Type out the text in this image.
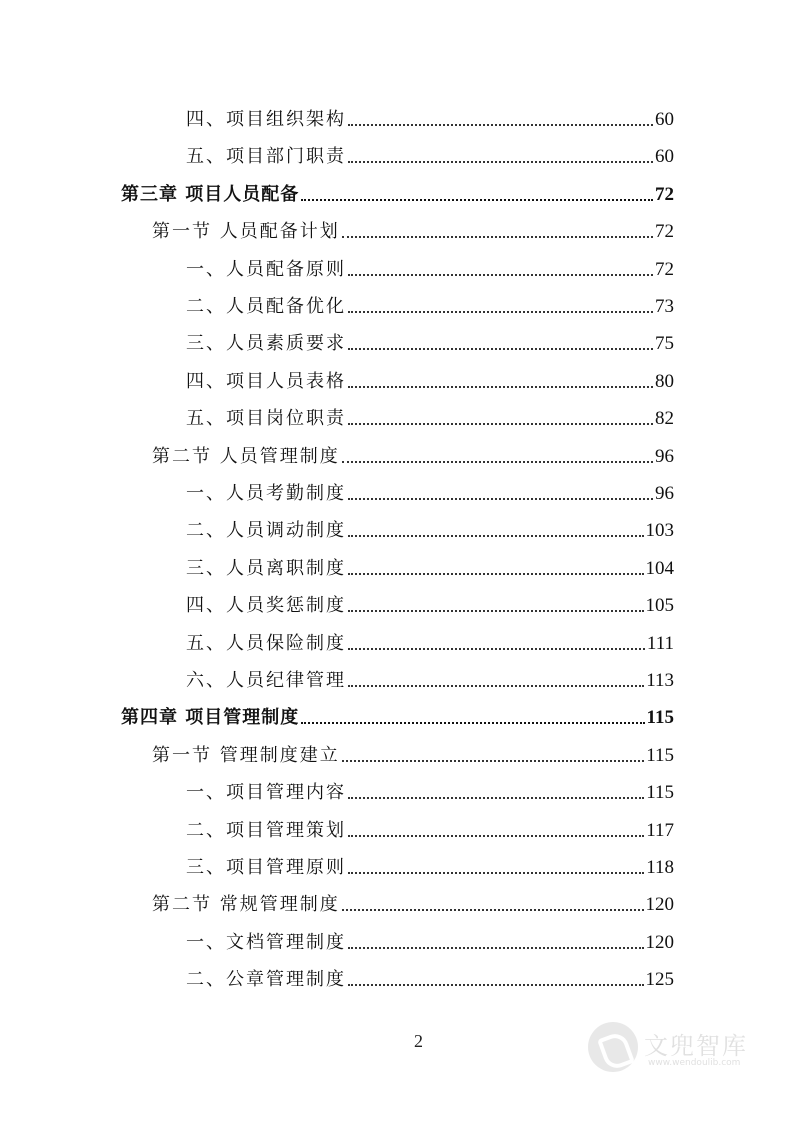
四、项目组织架构	60
五、项目部门职责	60
第三章 项目人员配备	72
第一节 人员配备计划	72
一、人员配备原则	72
二、人员配备优化	73
三、人员素质要求	75
四、项目人员表格	80
五、项目岗位职责	82
第二节 人员管理制度	96
一、人员考勤制度	96
二、人员调动制度	103
三、人员离职制度	104
四、人员奖惩制度	105
五、人员保险制度	111
六、人员纪律管理	113
第四章 项目管理制度	115
第一节 管理制度建立	115
一、项目管理内容	115
二、项目管理策划	117
三、项目管理原则	118
第二节 常规管理制度	120
一、文档管理制度	120
二、公章管理制度	125
2	文兜智库
www.wendoulib.com
